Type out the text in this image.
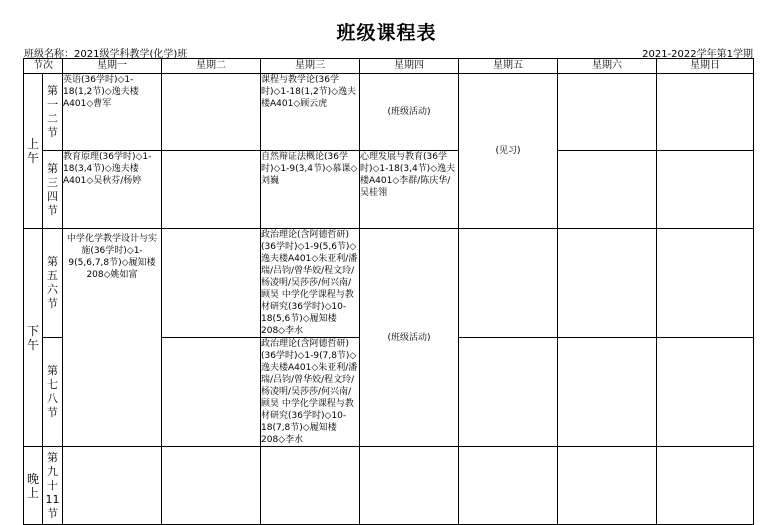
班级课程表
班级名称：2021级学科教学(化学)班	2021-2022学年第1学期
节次		星期一	星期二	星期三	星期四	星期五	星期六	星期日
上午	第一二节	英语(36学时)◇1-18(1,2节)◇逸夫楼A401◇曹军		课程与教学论(36学时)◇1-18(1,2节)◇逸夫楼A401◇顾云虎	(班级活动)	(见习)		
	第三四节	教育原理(36学时)◇1-18(3,4节)◇逸夫楼A401◇吴秋芬/杨婷		自然辩证法概论(36学时)◇1-9(3,4节)◇慕课◇刘巍	心理发展与教育(36学时)◇1-18(3,4节)◇逸夫楼A401◇李群/陈庆华/吴桂翎			
下午	第五六节	中学化学教学设计与实施(36学时)◇1-9(5,6,7,8节)◇履知楼208◇姚如富		政治理论(含阿德哲研)(36学时)◇1-9(5,6节)◇逸夫楼A401◇朱亚利/潘瑞/吕钧/曾华姣/程文玲/杨凌明/吴莎莎/何兴南/顾昊 中学化学课程与教材研究(36学时)◇10-18(5,6节)◇履知楼208◇李水	(班级活动)			
	第七八节			政治理论(含阿德哲研)(36学时)◇1-9(7,8节)◇逸夫楼A401◇朱亚利/潘瑞/吕钧/曾华姣/程文玲/杨凌明/吴莎莎/何兴南/顾昊 中学化学课程与教材研究(36学时)◇10-18(7,8节)◇履知楼208◇李水				
晚上	第九十11节							
